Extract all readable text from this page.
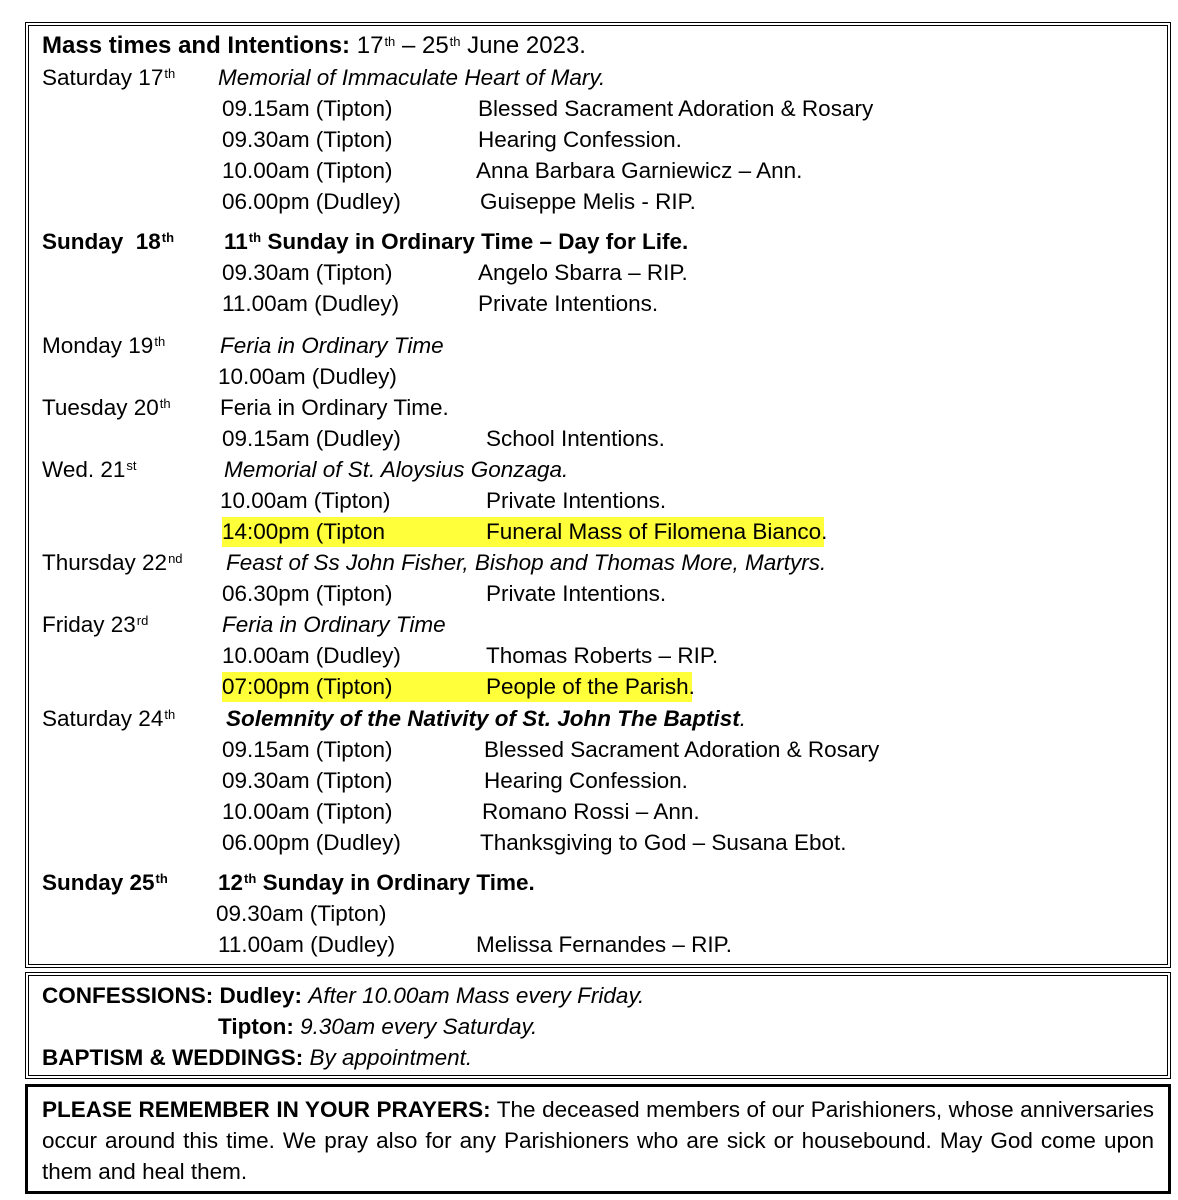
Mass times and Intentions: 17th – 25th June 2023.
Saturday 17th Memorial of Immaculate Heart of Mary.
09.15am (Tipton)	Blessed Sacrament Adoration & Rosary
09.30am (Tipton)	Hearing Confession.
10.00am (Tipton)	Anna Barbara Garniewicz – Ann.
06.00pm (Dudley)	Guiseppe Melis - RIP.
Sunday  18th 11th Sunday in Ordinary Time – Day for Life.
09.30am (Tipton)	Angelo Sbarra – RIP.
11.00am (Dudley)	Private Intentions.
Monday 19th Feria in Ordinary Time
10.00am (Dudley)
Tuesday 20th Feria in Ordinary Time.
09.15am (Dudley)	School Intentions.
Wed. 21st	Memorial of St. Aloysius Gonzaga.
10.00am (Tipton)	Private Intentions.
14:00pm (Tipton	Funeral Mass of Filomena Bianco.
Thursday 22nd Feast of Ss John Fisher, Bishop and Thomas More, Martyrs.
06.30pm (Tipton)	Private Intentions.
Friday 23rd	Feria in Ordinary Time
10.00am (Dudley)	Thomas Roberts – RIP.
07:00pm (Tipton)	People of the Parish.
Saturday 24th Solemnity of the Nativity of St. John The Baptist.
09.15am (Tipton)	Blessed Sacrament Adoration & Rosary
09.30am (Tipton)	Hearing Confession.
10.00am (Tipton)	Romano Rossi – Ann.
06.00pm (Dudley)	Thanksgiving to God – Susana Ebot.
Sunday 25th 12th Sunday in Ordinary Time.
09.30am (Tipton)
11.00am (Dudley)	Melissa Fernandes – RIP.
CONFESSIONS: Dudley: After 10.00am Mass every Friday.
Tipton: 9.30am every Saturday.
BAPTISM & WEDDINGS: By appointment.
PLEASE REMEMBER IN YOUR PRAYERS: The deceased members of our Parishioners, whose anniversaries occur around this time. We pray also for any Parishioners who are sick or housebound. May God come upon them and heal them.
